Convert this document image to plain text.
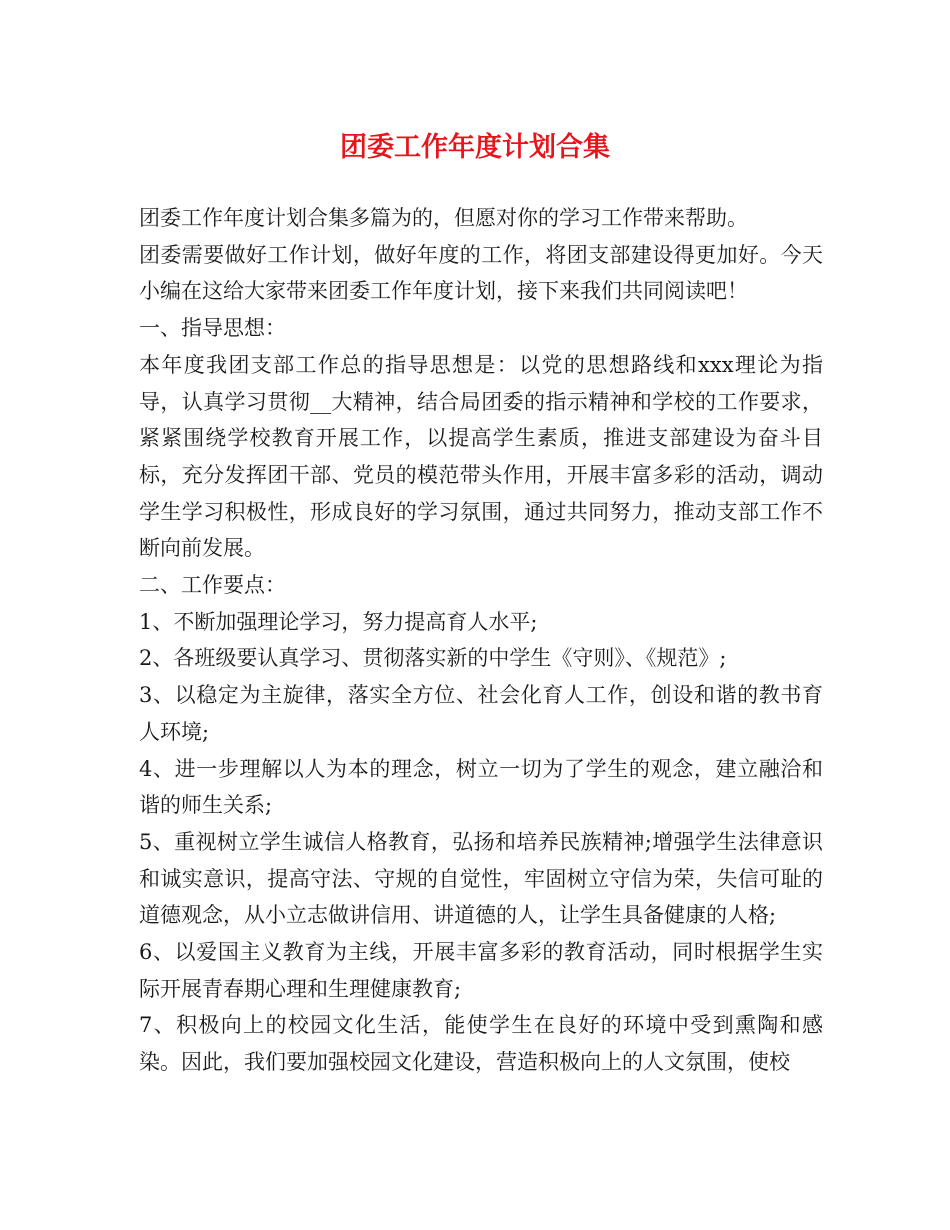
团委工作年度计划合集

团委工作年度计划合集多篇为的，但愿对你的学习工作带来帮助。

团委需要做好工作计划，做好年度的工作，将团支部建设得更加好。今天小编在这给大家带来团委工作年度计划，接下来我们共同阅读吧！

一、指导思想：

本年度我团支部工作总的指导思想是：以党的思想路线和xxx理论为指导，认真学习贯彻__大精神，结合局团委的指示精神和学校的工作要求，紧紧围绕学校教育开展工作，以提高学生素质，推进支部建设为奋斗目标，充分发挥团干部、党员的模范带头作用，开展丰富多彩的活动，调动学生学习积极性，形成良好的学习氛围，通过共同努力，推动支部工作不断向前发展。

二、工作要点：

1、不断加强理论学习，努力提高育人水平;

2、各班级要认真学习、贯彻落实新的中学生《守则》、《规范》;

3、以稳定为主旋律，落实全方位、社会化育人工作，创设和谐的教书育人环境;

4、进一步理解以人为本的理念，树立一切为了学生的观念，建立融洽和谐的师生关系;

5、重视树立学生诚信人格教育，弘扬和培养民族精神;增强学生法律意识和诚实意识，提高守法、守规的自觉性，牢固树立守信为荣，失信可耻的道德观念，从小立志做讲信用、讲道德的人，让学生具备健康的人格;

6、以爱国主义教育为主线，开展丰富多彩的教育活动，同时根据学生实际开展青春期心理和生理健康教育;

7、积极向上的校园文化生活，能使学生在良好的环境中受到熏陶和感染。因此，我们要加强校园文化建设，营造积极向上的人文氛围，使校
